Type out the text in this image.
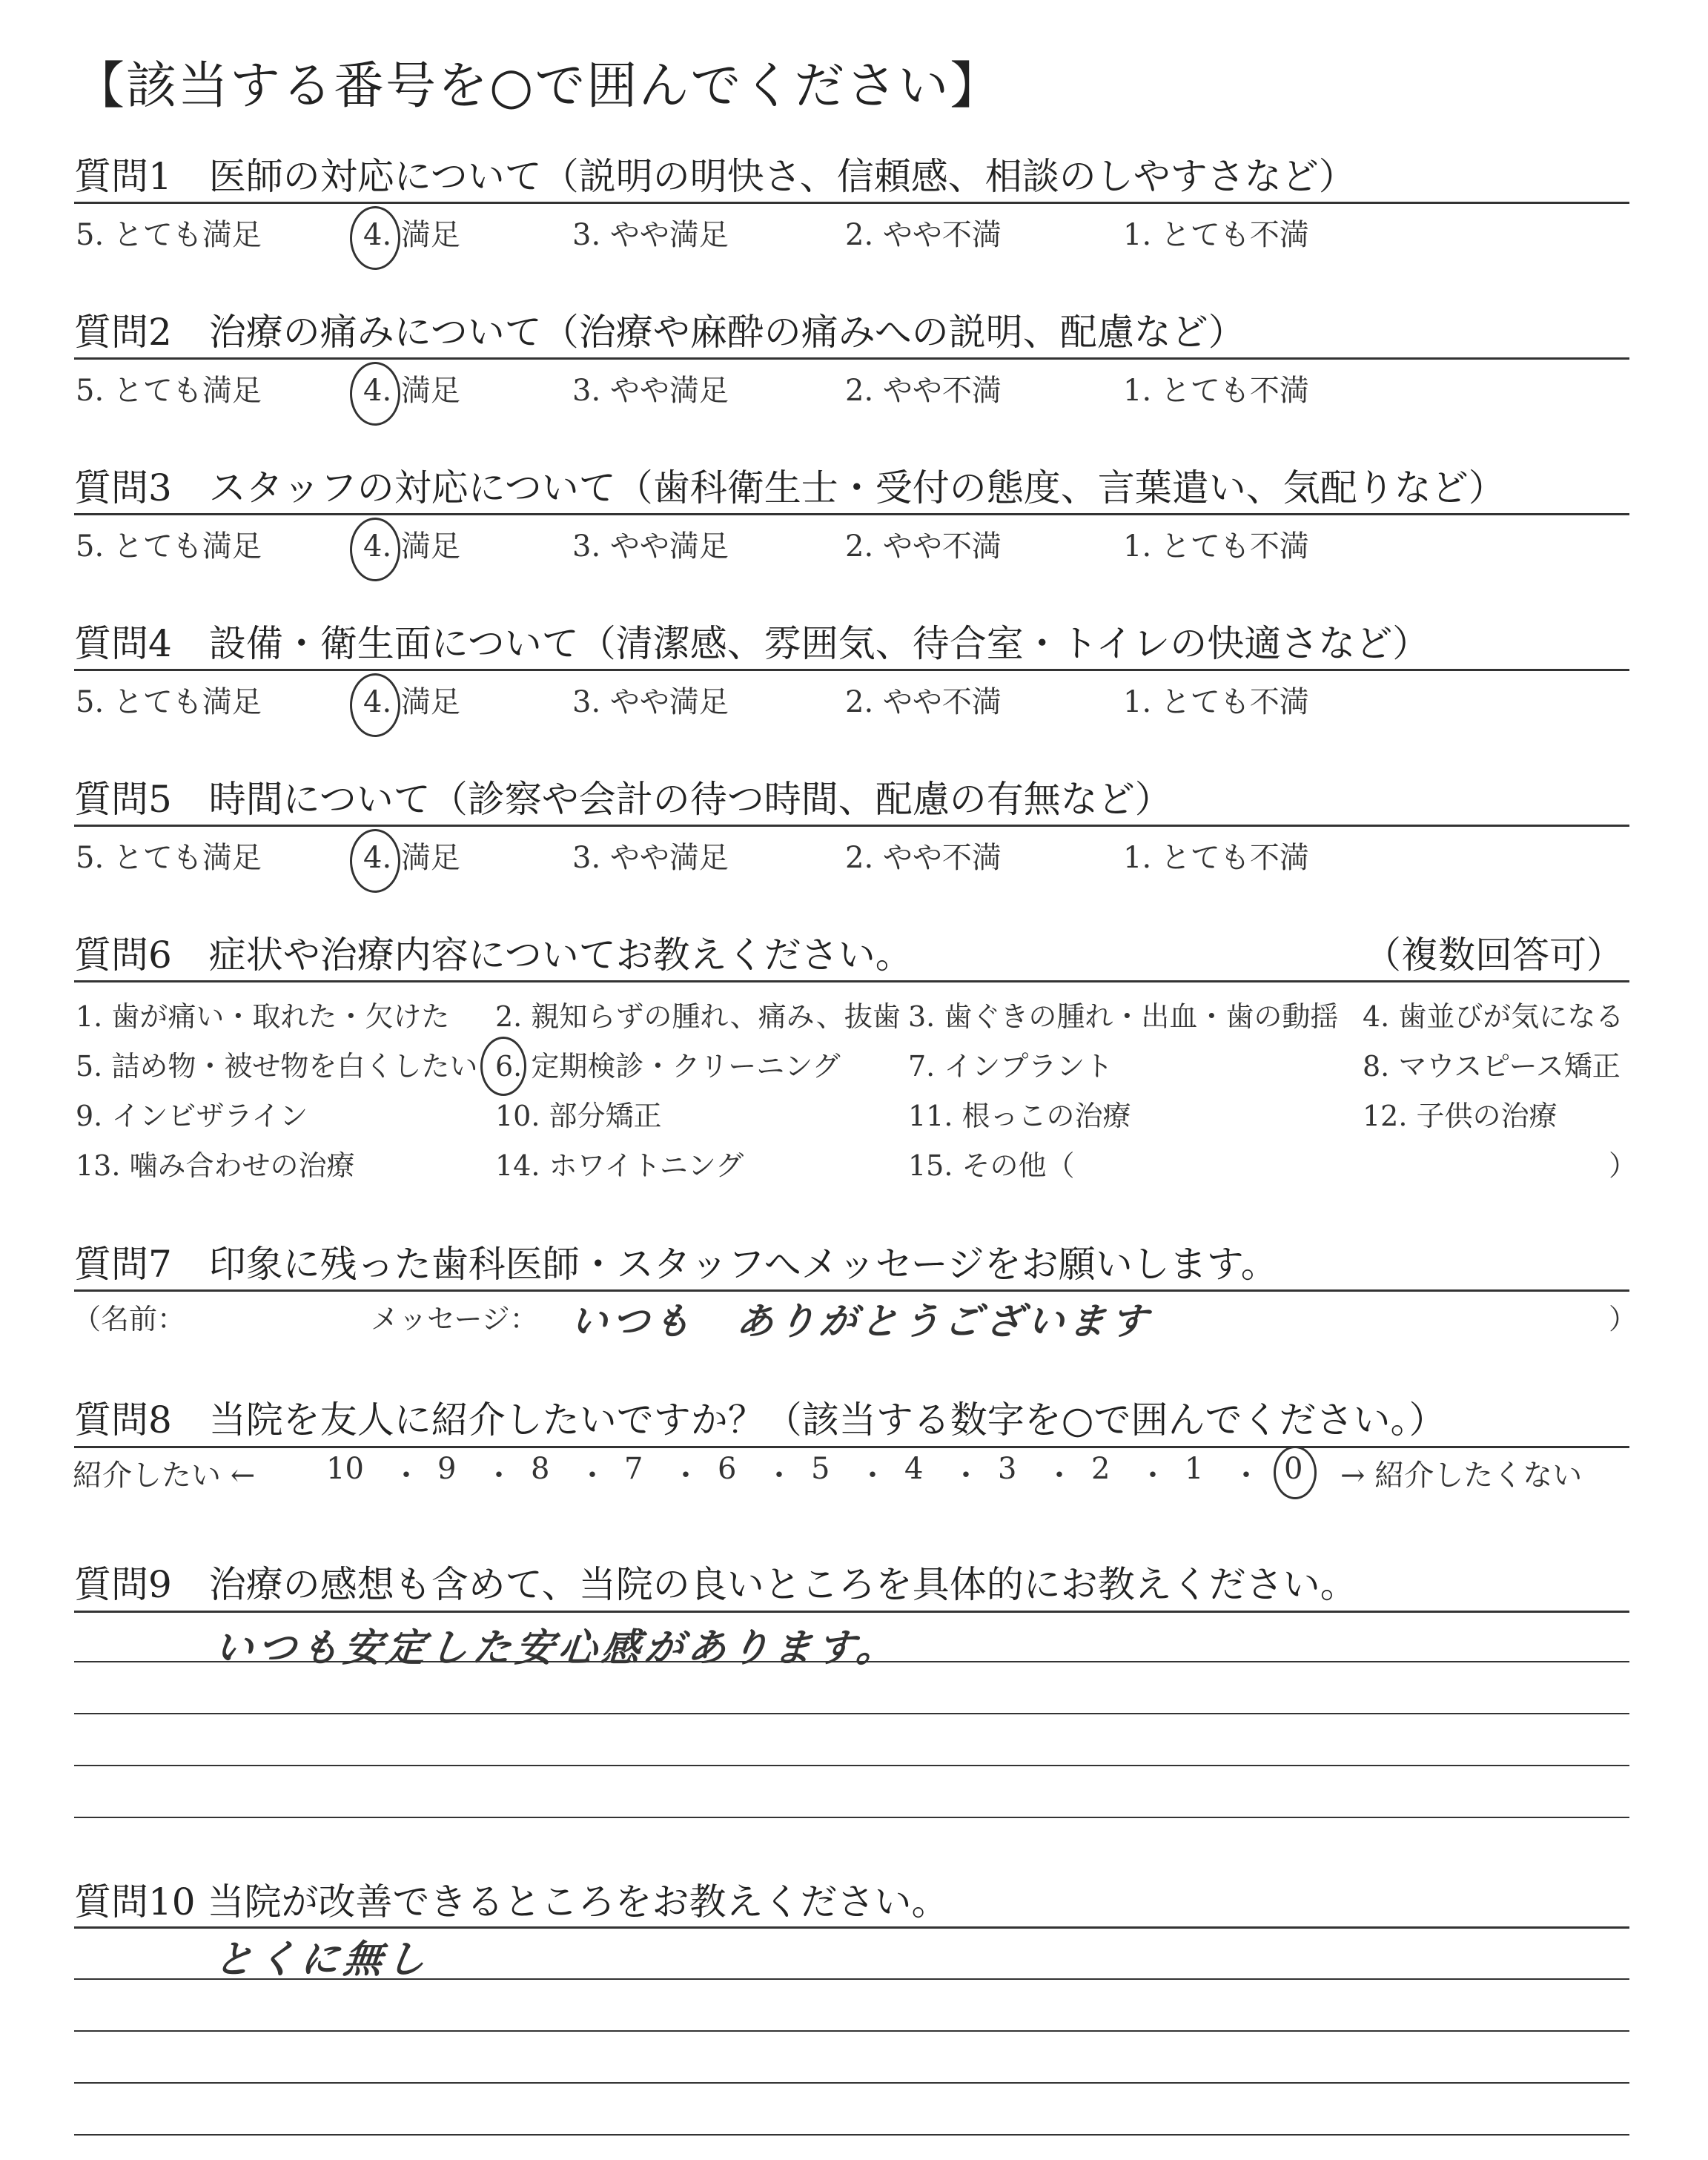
【該当する番号を○で囲んでください】
質問1　医師の対応について（説明の明快さ、信頼感、相談のしやすさなど）
5. とても満足	4. 満足	3. やや満足	2. やや不満	1. とても不満
質問2　治療の痛みについて（治療や麻酔の痛みへの説明、配慮など）
5. とても満足	4. 満足	3. やや満足	2. やや不満	1. とても不満
質問3　スタッフの対応について（歯科衛生士・受付の態度、言葉遣い、気配りなど）
5. とても満足	4. 満足	3. やや満足	2. やや不満	1. とても不満
質問4　設備・衛生面について（清潔感、雰囲気、待合室・トイレの快適さなど）
5. とても満足	4. 満足	3. やや満足	2. やや不満	1. とても不満
質問5　時間について（診察や会計の待つ時間、配慮の有無など）
5. とても満足	4. 満足	3. やや満足	2. やや不満	1. とても不満
質問6　症状や治療内容についてお教えください。	（複数回答可）
1. 歯が痛い・取れた・欠けた 2. 親知らずの腫れ、痛み、抜歯 3. 歯ぐきの腫れ・出血・歯の動揺 4. 歯並びが気になる
5. 詰め物・被せ物を白くしたい 6. 定期検診・クリーニング 7. インプラント	8. マウスピース矯正
9. インビザライン	10. 部分矯正	11. 根っこの治療	12. 子供の治療
13. 噛み合わせの治療	14. ホワイトニング	15. その他（	）
質問7　印象に残った歯科医師・スタッフへメッセージをお願いします。
（名前：	メッセージ： いつも　ありがとうございます	）
質問8　当院を友人に紹介したいですか？（該当する数字を○で囲んでください。）
紹介したい ← 10 ・ 9 ・ 8 ・ 7 ・ 6 ・ 5 ・ 4 ・ 3 ・ 2 ・ 1 ・ 0 → 紹介したくない
質問9　治療の感想も含めて、当院の良いところを具体的にお教えください。
いつも安定した安心感があります。
質問10 当院が改善できるところをお教えください。
とくに無し
